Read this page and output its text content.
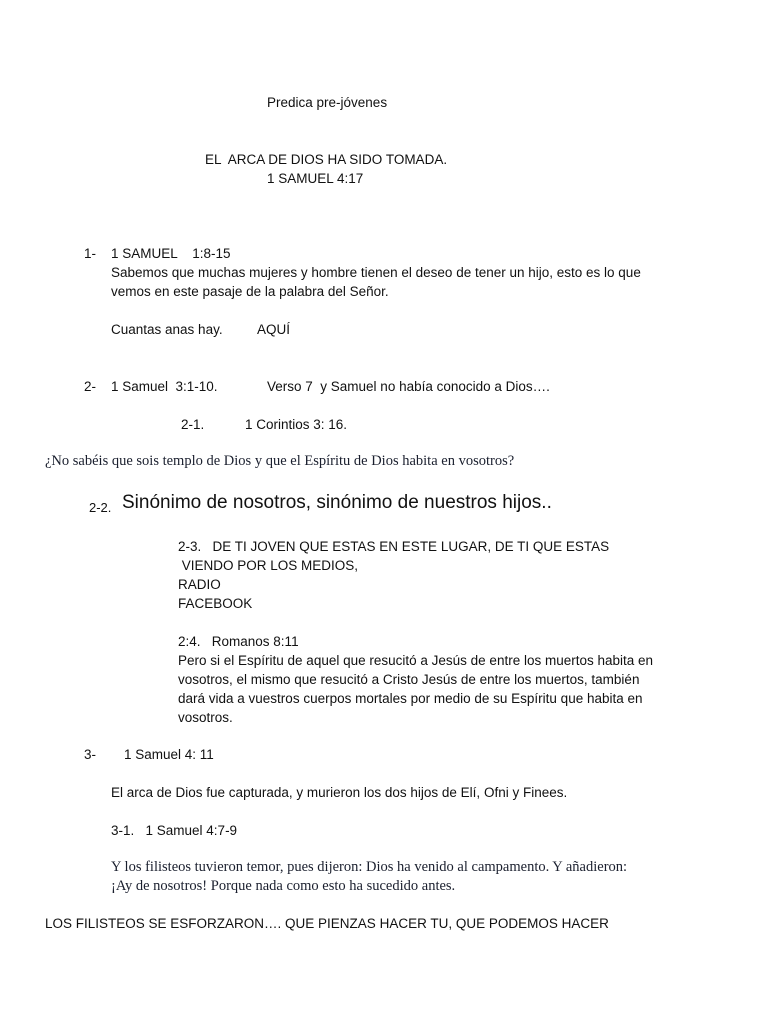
Predica pre-jóvenes
EL  ARCA DE DIOS HA SIDO TOMADA.
1 SAMUEL 4:17
1- 1 SAMUEL    1:8-15
Sabemos que muchas mujeres y hombre tienen el deseo de tener un hijo, esto es lo que
vemos en este pasaje de la palabra del Señor.
Cuantas anas hay.	AQUÍ
2- 1 Samuel  3:1-10.	Verso 7  y Samuel no había conocido a Dios….
2-1.	1 Corintios 3: 16.
¿No sabéis que sois templo de Dios y que el Espíritu de Dios habita en vosotros?
2-2. Sinónimo de nosotros, sinónimo de nuestros hijos..
2-3.   DE TI JOVEN QUE ESTAS EN ESTE LUGAR, DE TI QUE ESTAS
VIENDO POR LOS MEDIOS,
RADIO
FACEBOOK
2:4.   Romanos 8:11
Pero si el Espíritu de aquel que resucitó a Jesús de entre los muertos habita en
vosotros, el mismo que resucitó a Cristo Jesús de entre los muertos, también
dará vida a vuestros cuerpos mortales por medio de su Espíritu que habita en
vosotros.
3- 1 Samuel 4: 11
El arca de Dios fue capturada, y murieron los dos hijos de Elí, Ofni y Finees.
3-1.   1 Samuel 4:7-9
Y los filisteos tuvieron temor, pues dijeron: Dios ha venido al campamento. Y añadieron:
¡Ay de nosotros! Porque nada como esto ha sucedido antes.
LOS FILISTEOS SE ESFORZARON…. QUE PIENZAS HACER TU, QUE PODEMOS HACER
